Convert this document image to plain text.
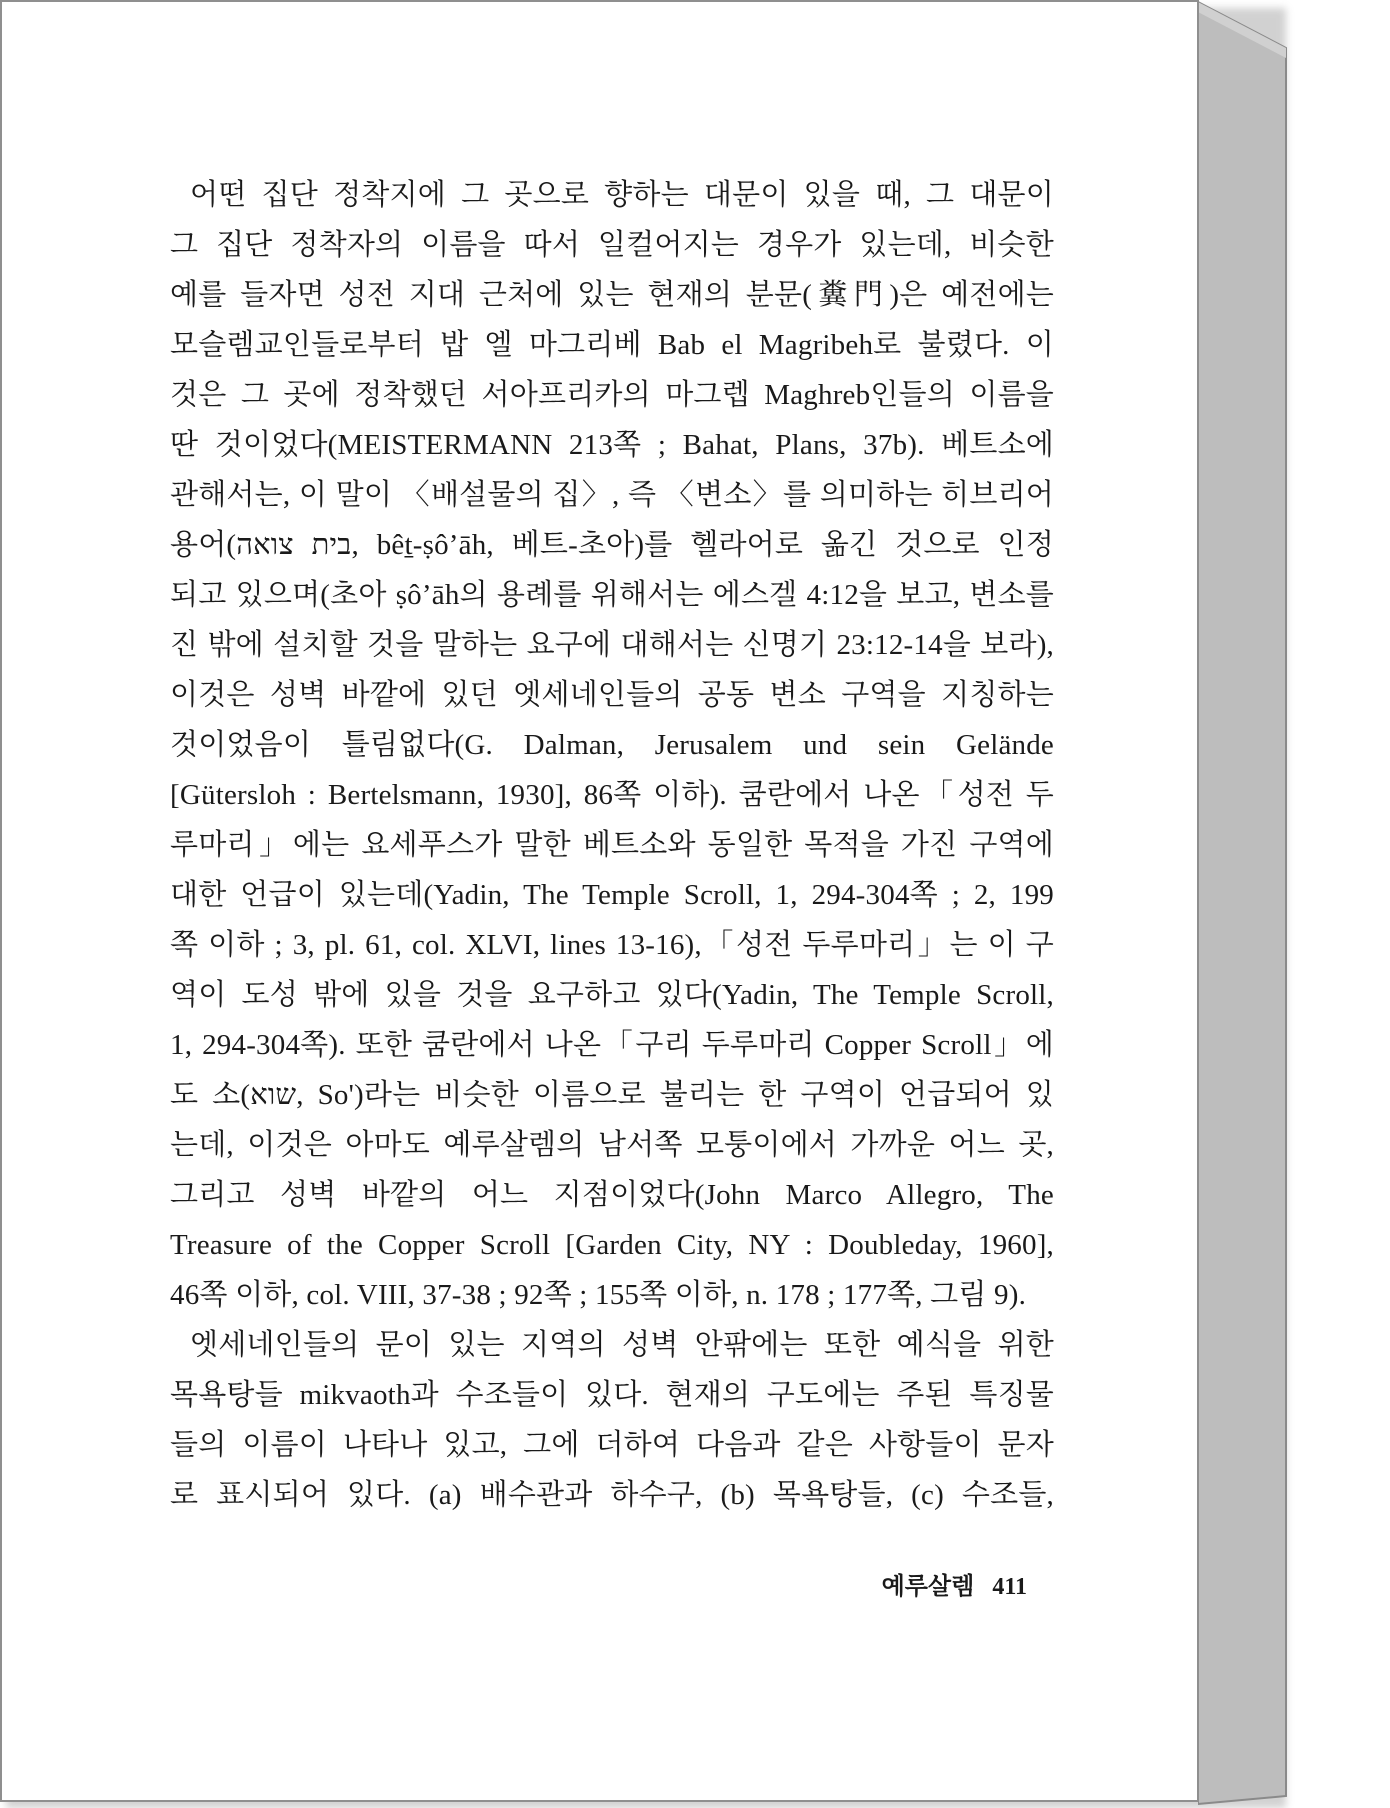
어떤 집단 정착지에 그 곳으로 향하는 대문이 있을 때, 그 대문이
그 집단 정착자의 이름을 따서 일컬어지는 경우가 있는데, 비슷한
예를 들자면 성전 지대 근처에 있는 현재의 분문(糞門)은 예전에는
모슬렘교인들로부터 밥 엘 마그리베 Bab el Magribeh로 불렸다. 이
것은 그 곳에 정착했던 서아프리카의 마그렙 Maghreb인들의 이름을
딴 것이었다(MEISTERMANN 213쪽 ; Bahat, Plans, 37b). 베트소에
관해서는, 이 말이 〈배설물의 집〉, 즉 〈변소〉를 의미하는 히브리어
용어(בית צואה, bêṯ-ṣôʼāh, 베트-초아)를 헬라어로 옮긴 것으로 인정
되고 있으며(초아 ṣôʼāh의 용례를 위해서는 에스겔 4:12을 보고, 변소를
진 밖에 설치할 것을 말하는 요구에 대해서는 신명기 23:12-14을 보라),
이것은 성벽 바깥에 있던 엣세네인들의 공동 변소 구역을 지칭하는
것이었음이 틀림없다(G. Dalman, Jerusalem und sein Gelände
[Gütersloh : Bertelsmann, 1930], 86쪽 이하). 쿰란에서 나온「성전 두
루마리」에는 요세푸스가 말한 베트소와 동일한 목적을 가진 구역에
대한 언급이 있는데(Yadin, The Temple Scroll, 1, 294-304쪽 ; 2, 199
쪽 이하 ; 3, pl. 61, col. XLVI, lines 13-16),「성전 두루마리」는 이 구
역이 도성 밖에 있을 것을 요구하고 있다(Yadin, The Temple Scroll,
1, 294-304쪽). 또한 쿰란에서 나온「구리 두루마리 Copper Scroll」에
도 소(שוא, So')라는 비슷한 이름으로 불리는 한 구역이 언급되어 있
는데, 이것은 아마도 예루살렘의 남서쪽 모퉁이에서 가까운 어느 곳,
그리고 성벽 바깥의 어느 지점이었다(John Marco Allegro, The
Treasure of the Copper Scroll [Garden City, NY : Doubleday, 1960],
46쪽 이하, col. VIII, 37-38 ; 92쪽 ; 155쪽 이하, n. 178 ; 177쪽, 그림 9).
엣세네인들의 문이 있는 지역의 성벽 안팎에는 또한 예식을 위한
목욕탕들 mikvaoth과 수조들이 있다. 현재의 구도에는 주된 특징물
들의 이름이 나타나 있고, 그에 더하여 다음과 같은 사항들이 문자
로 표시되어 있다. (a) 배수관과 하수구, (b) 목욕탕들, (c) 수조들,
예루살렘 411
